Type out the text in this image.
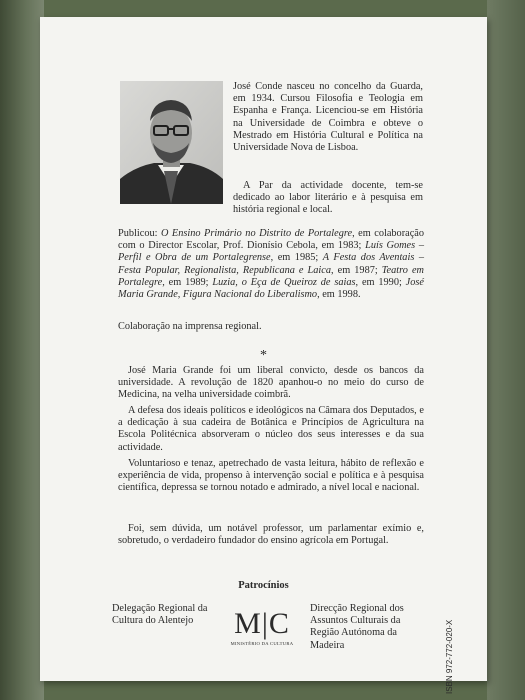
José Conde nasceu no concelho da Guarda, em 1934. Cursou Filosofia e Teologia em Espanha e França. Licenciou-se em História na Universidade de Coimbra e obteve o Mestrado em História Cultural e Política na Universidade Nova de Lisboa.

A Par da actividade docente, tem-se dedicado ao labor literário e à pesquisa em história regional e local.

Publicou: O Ensino Primário no Distrito de Portalegre, em colaboração com o Director Escolar, Prof. Dionísio Cebola, em 1983; Luís Gomes – Perfil e Obra de um Portalegrense, em 1985; A Festa dos Aventais – Festa Popular, Regionalista, Republicana e Laica, em 1987; Teatro em Portalegre, em 1989; Luzia, o Eça de Queiroz de saias, em 1990; José Maria Grande, Figura Nacional do Liberalismo, em 1998.

Colaboração na imprensa regional.

*

José Maria Grande foi um liberal convicto, desde os bancos da universidade. A revolução de 1820 apanhou-o no meio do curso de Medicina, na velha universidade coimbrã.

A defesa dos ideais políticos e ideológicos na Câmara dos Deputados, e a dedicação à sua cadeira de Botânica e Princípios de Agricultura na Escola Politécnica absorveram o núcleo dos seus interesses e da sua actividade.

Voluntarioso e tenaz, apetrechado de vasta leitura, hábito de reflexão e experiência de vida, propenso à intervenção social e política e à pesquisa científica, depressa se tornou notado e admirado, a nível local e nacional.

Foi, sem dúvida, um notável professor, um parlamentar exímio e, sobretudo, o verdadeiro fundador do ensino agrícola em Portugal.

Patrocínios
Delegação Regional da Cultura do Alentejo	M|C
MINISTÉRIO DA CULTURA
Direcção Regional dos Assuntos Culturais da Região Autónoma da Madeira	ISBN 972-772-020-X
